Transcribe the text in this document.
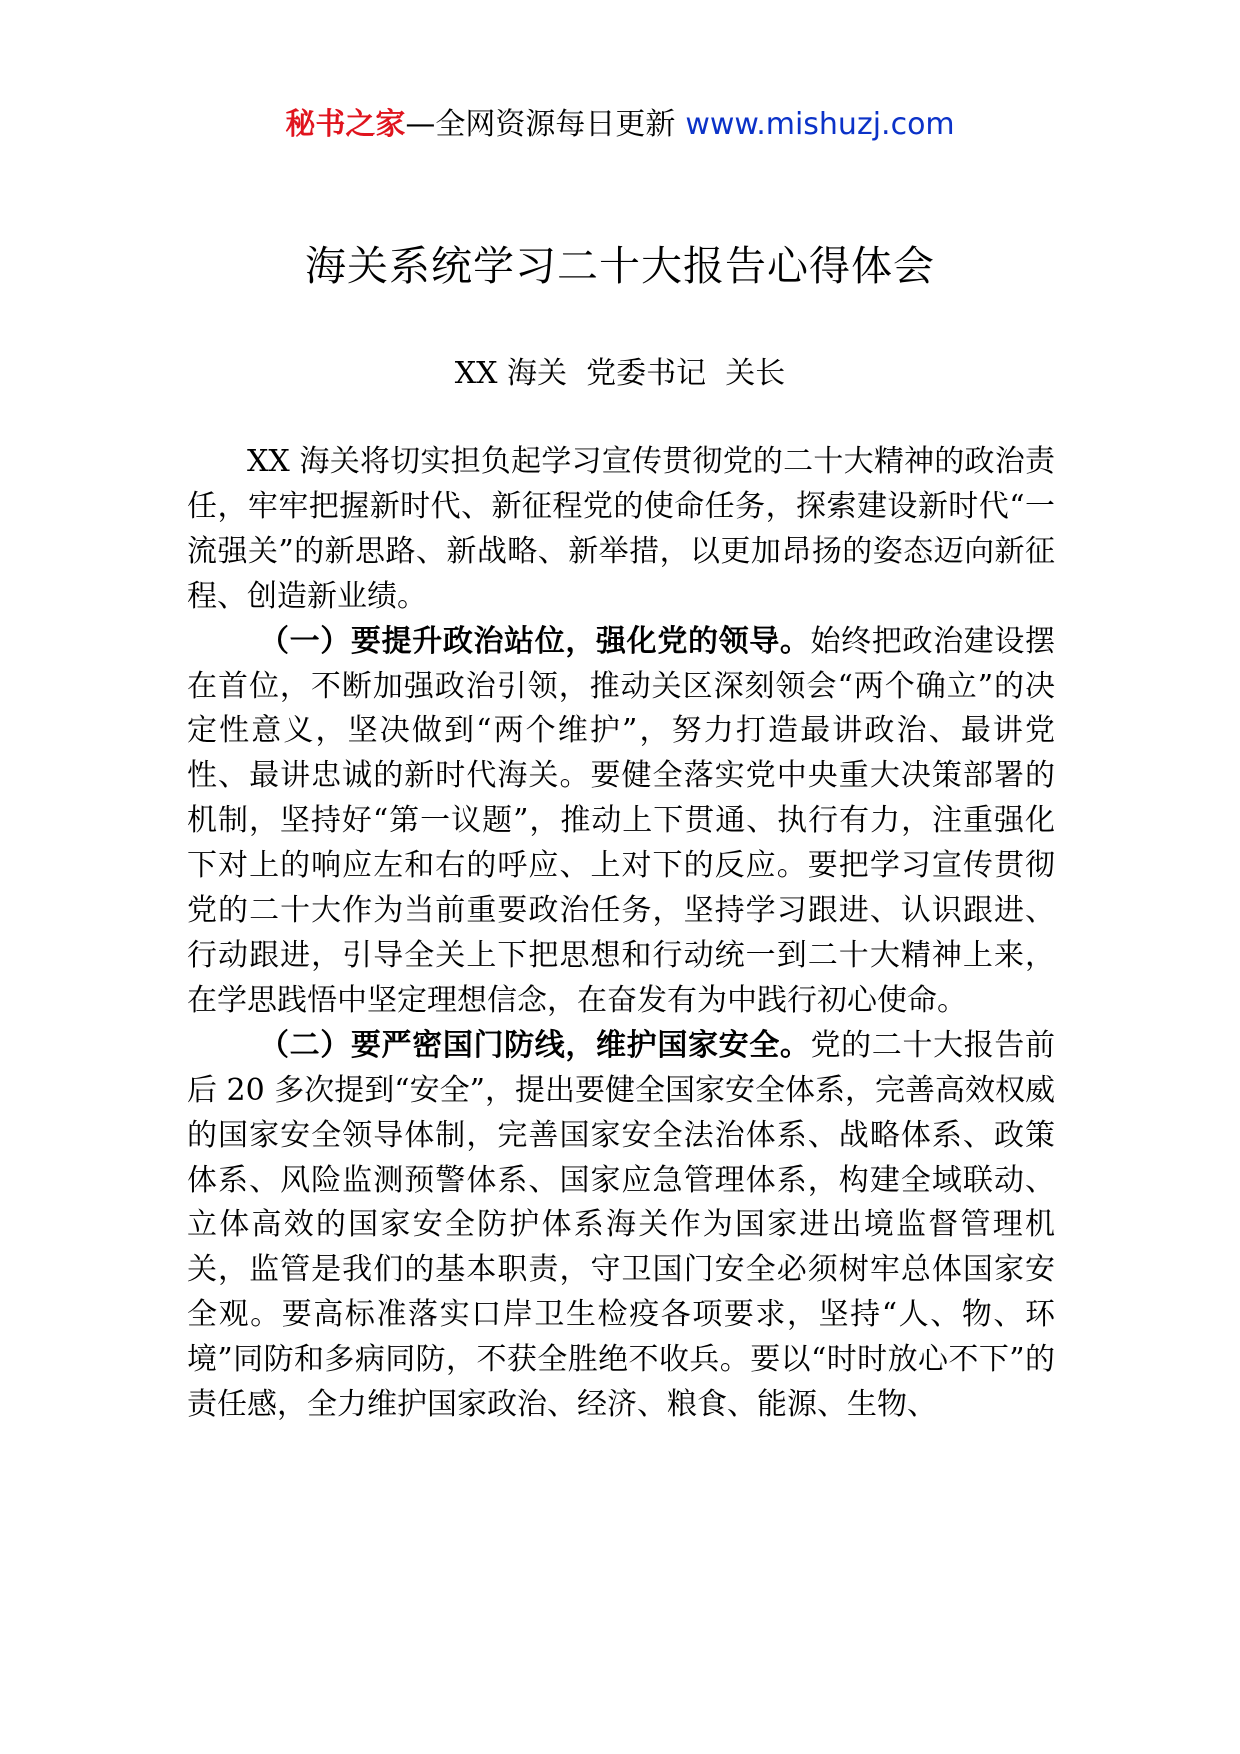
秘书之家—全网资源每日更新 www.mishuzj.com
海关系统学习二十大报告心得体会
XX 海关  党委书记  关长

XX 海关将切实担负起学习宣传贯彻党的二十大精神的政治责任，牢牢把握新时代、新征程党的使命任务，探索建设新时代“一流强关”的新思路、新战略、新举措，以更加昂扬的姿态迈向新征程、创造新业绩。

（一）要提升政治站位，强化党的领导。始终把政治建设摆在首位，不断加强政治引领，推动关区深刻领会“两个确立”的决定性意义，坚决做到“两个维护”，努力打造最讲政治、最讲党性、最讲忠诚的新时代海关。要健全落实党中央重大决策部署的机制，坚持好“第一议题”，推动上下贯通、执行有力，注重强化下对上的响应左和右的呼应、上对下的反应。要把学习宣传贯彻党的二十大作为当前重要政治任务，坚持学习跟进、认识跟进、行动跟进，引导全关上下把思想和行动统一到二十大精神上来，在学思践悟中坚定理想信念，在奋发有为中践行初心使命。

（二）要严密国门防线，维护国家安全。党的二十大报告前后 20 多次提到“安全”，提出要健全国家安全体系，完善高效权威的国家安全领导体制，完善国家安全法治体系、战略体系、政策体系、风险监测预警体系、国家应急管理体系，构建全域联动、立体高效的国家安全防护体系海关作为国家进出境监督管理机关，监管是我们的基本职责，守卫国门安全必须树牢总体国家安全观。要高标准落实口岸卫生检疫各项要求，坚持“人、物、环境”同防和多病同防，不获全胜绝不收兵。要以“时时放心不下”的责任感，全力维护国家政治、经济、粮食、能源、生物、
